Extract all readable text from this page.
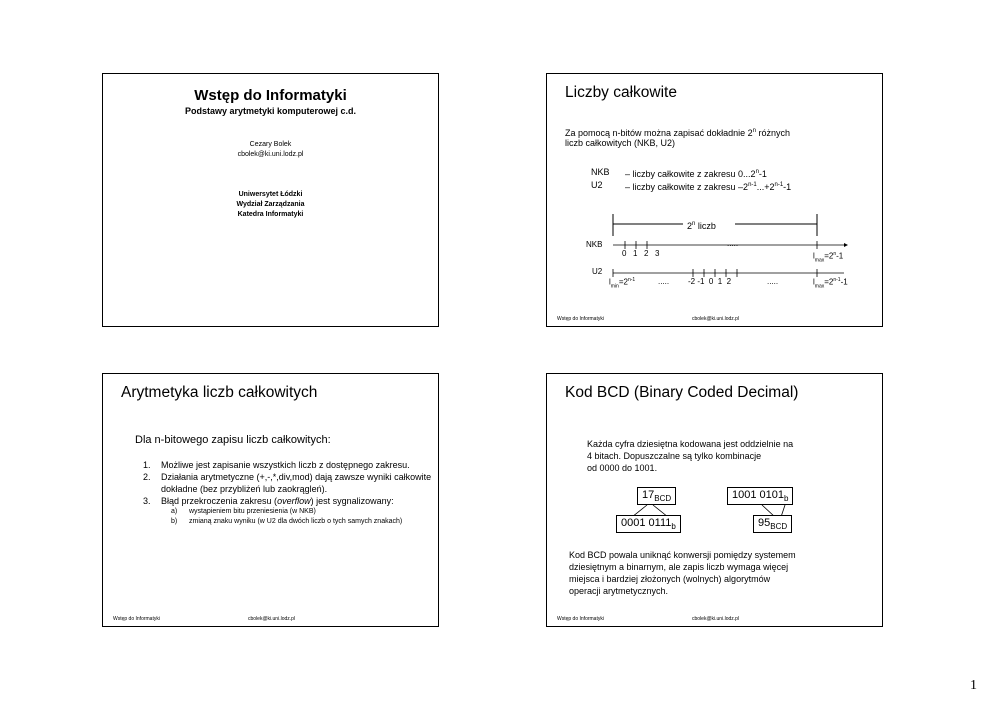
Wstęp do Informatyki
Podstawy arytmetyki komputerowej c.d.
Cezary Bolek
cbolek@ki.uni.lodz.pl
Uniwersytet Łódzki
Wydział Zarządzania
Katedra Informatyki
Liczby całkowite
Za pomocą n-bitów można zapisać dokładnie 2$^n$ różnych
liczb całkowitych (NKB, U2)
NKB – liczby całkowite z zakresu 0...2$^n$-1
U2 – liczby całkowite z zakresu $-2^{n-1}...+2^{n-1}-1$
2$^n$ liczb
NKB
0 1 2 3
.....
$l_{max}=2^n-1$
U2
$l_{min}=2^{n-1}$	..... -2 -1  0  1  2	.....	$l_{max}=2^{n-1}-1$
Wstęp do Informatyki	cbolek@ki.uni.lodz.pl
Arytmetyka liczb całkowitych
Dla n-bitowego zapisu liczb całkowitych:
1. Możliwe jest zapisanie wszystkich liczb z dostępnego zakresu.
2. Działania arytmetyczne (+,-,*,div,mod) dają zawsze wyniki całkowite dokładne (bez przybliżeń lub zaokrągleń).
3. Błąd przekroczenia zakresu (overflow) jest sygnalizowany:
a) wystąpieniem bitu przeniesienia (w NKB)
b) zmianą znaku wyniku (w U2 dla dwóch liczb o tych samych znakach)
Wstęp do Informatyki	cbolek@ki.uni.lodz.pl
Kod BCD (Binary Coded Decimal)
Każda cyfra dziesiętna kodowana jest oddzielnie na
4 bitach. Dopuszczalne są tylko kombinacje
od 0000 do 1001.
$17_{BCD}$	1001 $0101_b$
0001 $0111_b$	$95_{BCD}$
Kod BCD powala uniknąć konwersji pomiędzy systemem
dziesiętnym a binarnym, ale zapis liczb wymaga więcej
miejsca i bardziej złożonych (wolnych) algorytmów
operacji arytmetycznych.
Wstęp do Informatyki	cbolek@ki.uni.lodz.pl
1
